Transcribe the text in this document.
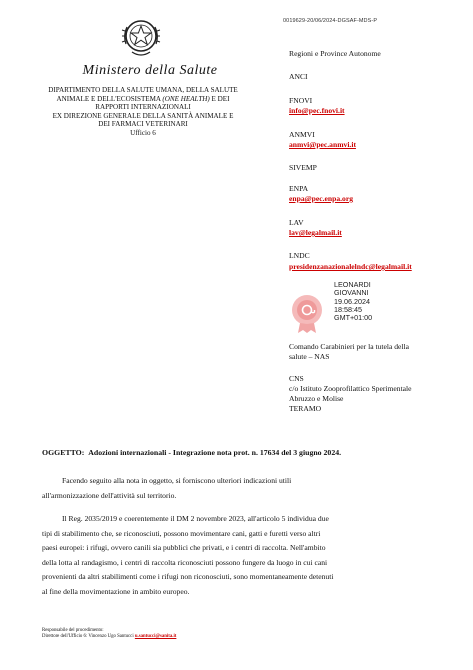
0019629-20/06/2024-DGSAF-MDS-P
Ministero della Salute
DIPARTIMENTO DELLA SALUTE UMANA, DELLA SALUTE
ANIMALE E DELL'ECOSISTEMA (ONE HEALTH) E DEI
RAPPORTI INTERNAZIONALI
EX DIREZIONE GENERALE DELLA SANITÀ ANIMALE E
DEI FARMACI VETERINARI
Ufficio 6
Regioni e Province Autonome
ANCI
FNOVI
info@pec.fnovi.it
ANMVI
anmvi@pec.anmvi.it
SIVEMP
ENPA
enpa@pec.enpa.org
LAV
lav@legalmail.it
LNDC
presidenzanazionalelndc@legalmail.it
LEONARDI
GIOVANNI
19.06.2024
18:58:45
GMT+01:00
Comando Carabinieri per la tutela della
salute – NAS
CNS
c/o Istituto Zooprofilattico Sperimentale
Abruzzo e Molise
TERAMO
OGGETTO: Adozioni internazionali - Integrazione nota prot. n. 17634 del 3 giugno 2024.
Facendo seguito alla nota in oggetto, si forniscono ulteriori indicazioni utili
all'armonizzazione dell'attività sul territorio.
Il Reg. 2035/2019 e coerentemente il DM 2 novembre 2023, all'articolo 5 individua due
tipi di stabilimento che, se riconosciuti, possono movimentare cani, gatti e furetti verso altri
paesi europei: i rifugi, ovvero canili sia pubblici che privati, e i centri di raccolta. Nell'ambito
della lotta al randagismo, i centri di raccolta riconosciuti possono fungere da luogo in cui cani
provenienti da altri stabilimenti come i rifugi non riconosciuti, sono momentaneamente detenuti
al fine della movimentazione in ambito europeo.
Responsabile del procedimento:
Direttore dell'Ufficio 6: Vincenzo Ugo Santucci u.santucci@sanita.it
